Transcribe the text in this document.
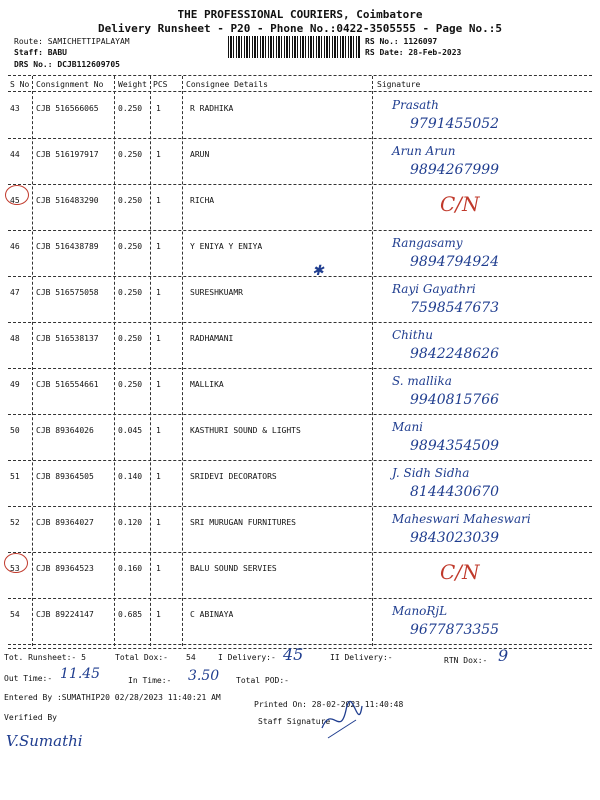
THE PROFESSIONAL COURIERS, Coimbatore
Delivery Runsheet - P20 - Phone No.:0422-3505555 - Page No.:5
Route: SAMICHETTIPALAYAM
Staff: BABU
DRS No.: DCJB112609705
RS No.: 1126097
RS Date: 28-Feb-2023
S No Consignment No Weight PCS Consignee Details	Signature
43 CJB 516566065 0.250 1	R RADHIKA	Prasath
9791455052
44 CJB 516197917 0.250 1	ARUN	Arun Arun
9894267999
45 CJB 516483290 0.250 1	RICHA	C/N
46 CJB 516438789 0.250 1	Y ENIYA Y ENIYA	Rangasamy
9894794924
47 CJB 516575058 0.250 1	SURESHKUAMR	Rayi Gayathri
7598547673
48 CJB 516538137 0.250 1	RADHAMANI	Chithu
9842248626
49 CJB 516554661 0.250 1	MALLIKA	S. mallika
9940815766
50 CJB 89364026	0.045 1	KASTHURI SOUND & LIGHTS	Mani
9894354509
51 CJB 89364505	0.140 1	SRIDEVI DECORATORS	J. Sidh Sidha
8144430670
52 CJB 89364027	0.120 1	SRI MURUGAN FURNITURES	Maheswari Maheswari
9843023039
53 CJB 89364523	0.160 1	BALU SOUND SERVIES	C/N
54 CJB 89224147	0.685 1	C ABINAYA	ManoRjL
9677873355
✱
Tot. Runsheet:- 5	Total Dox:- 54	I Delivery:- 45	II Delivery:-	RTN Dox:- 9
Out Time:- 11.45	In Time:- 3.50 Total POD:-
Entered By :SUMATHIP20 02/28/2023 11:40:21 AM
Printed On: 28-02-2023 11:40:48
Verified By	Staff Signature
V.Sumathi
